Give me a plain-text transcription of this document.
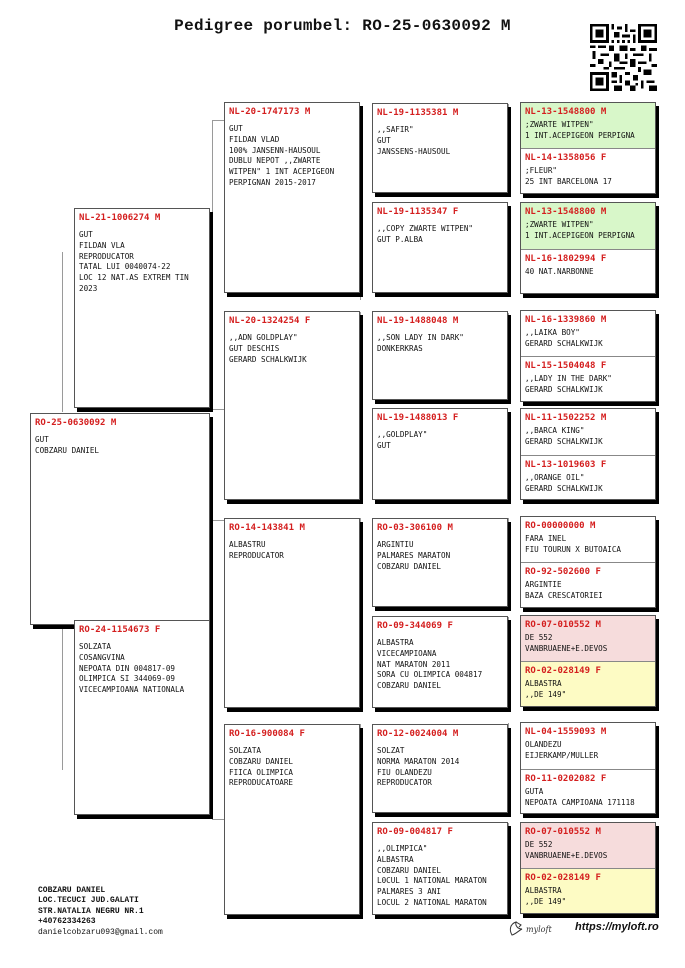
Pedigree porumbel: RO-25-0630092 M
RO-25-0630092 M
GUT
COBZARU DANIEL
NL-21-1006274 M
GUT
FILDAN VLA
REPRODUCATOR
TATAL LUI 0040074-22
LOC 12 NAT.AS EXTREM TIN
2023
RO-24-1154673 F
SOLZATA
COSANGVINA
NEPOATA DIN 004817-09
OLIMPICA SI 344069-09
VICECAMPIOANA NATIONALA
NL-20-1747173 M
GUT
FILDAN VLAD
100% JANSENN-HAUSOUL
DUBLU NEPOT ,,ZWARTE
WITPEN" 1 INT ACEPIGEON
PERPIGNAN 2015-2017
NL-20-1324254 F
,,ADN GOLDPLAY"
GUT DESCHIS
GERARD SCHALKWIJK
RO-14-143841 M
ALBASTRU
REPRODUCATOR
RO-16-900084 F
SOLZATA
COBZARU DANIEL
FIICA OLIMPICA
REPRODUCATOARE
NL-19-1135381 M
,,SAFIR"
GUT
JANSSENS-HAUSOUL
NL-19-1135347 F
,,COPY ZWARTE WITPEN"
GUT P.ALBA
NL-19-1488048 M
,,SON LADY IN DARK"
DONKERKRAS
NL-19-1488013 F
,,GOLDPLAY"
GUT
RO-03-306100 M
ARGINTIU
PALMARES MARATON
COBZARU DANIEL
RO-09-344069 F
ALBASTRA
VICECAMPIOANA
NAT MARATON 2011
SORA CU OLIMPICA 004817
COBZARU DANIEL
RO-12-0024004 M
SOLZAT
NORMA MARATON 2014
FIU OLANDEZU
REPRODUCATOR
RO-09-004817 F
,,OLIMPICA"
ALBASTRA
COBZARU DANIEL
L0CUL 1 NATIONAL MARATON
PALMARES 3 ANI
LOCUL 2 NATIONAL MARATON
NL-13-1548800 M
;ZWARTE WITPEN"
1 INT.ACEPIGEON PERPIGNA
NL-14-1358056 F
;FLEUR"
25 INT BARCELONA 17
NL-13-1548800 M
;ZWARTE WITPEN"
1 INT.ACEPIGEON PERPIGNA
NL-16-1802994 F
40 NAT.NARBONNE
NL-16-1339860 M
,,LAIKA BOY"
GERARD SCHALKWIJK
NL-15-1504048 F
,,LADY IN THE DARK"
GERARD SCHALKWIJK
NL-11-1502252 M
,,BARCA KING"
GERARD SCHALKWIJK
NL-13-1019603 F
,,ORANGE OIL"
GERARD SCHALKWIJK
RO-00000000 M
FARA INEL
FIU TOURUN X BUTOAICA
RO-92-502600 F
ARGINTIE
BAZA CRESCATORIEI
RO-07-010552 M
DE 552
VANBRUAENE+E.DEVOS
RO-02-028149 F
ALBASTRA
,,DE 149"
NL-04-1559093 M
OLANDEZU
EIJERKAMP/MULLER
RO-11-0202082 F
GUTA
NEPOATA CAMPIOANA 171118
RO-07-010552 M
DE 552
VANBRUAENE+E.DEVOS
RO-02-028149 F
ALBASTRA
,,DE 149"
COBZARU DANIEL
LOC.TECUCI JUD.GALATI
STR.NATALIA NEGRU NR.1
+40762334263
danielcobzaru093@gmail.com	myloft https://myloft.ro
